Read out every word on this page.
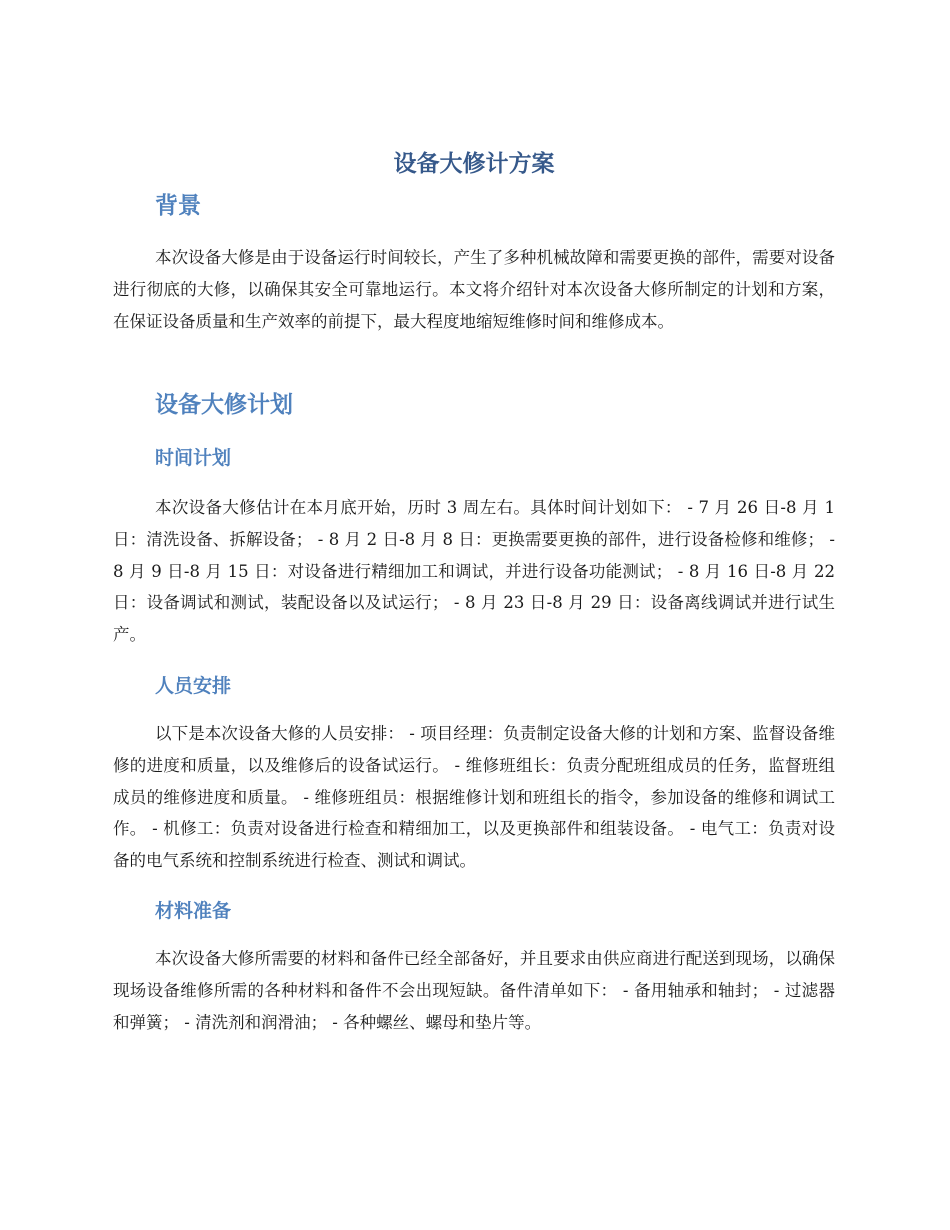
设备大修计方案
背景

本次设备大修是由于设备运行时间较长，产生了多种机械故障和需要更换的部件，需要对设备进行彻底的大修，以确保其安全可靠地运行。本文将介绍针对本次设备大修所制定的计划和方案，在保证设备质量和生产效率的前提下，最大程度地缩短维修时间和维修成本。

设备大修计划
时间计划

本次设备大修估计在本月底开始，历时 3 周左右。具体时间计划如下： - 7 月 26 日-8 月 1 日：清洗设备、拆解设备； - 8 月 2 日-8 月 8 日：更换需要更换的部件，进行设备检修和维修； - 8 月 9 日-8 月 15 日：对设备进行精细加工和调试，并进行设备功能测试； - 8 月 16 日-8 月 22 日：设备调试和测试，装配设备以及试运行； - 8 月 23 日-8 月 29 日：设备离线调试并进行试生产。

人员安排

以下是本次设备大修的人员安排： - 项目经理：负责制定设备大修的计划和方案、监督设备维修的进度和质量，以及维修后的设备试运行。 - 维修班组长：负责分配班组成员的任务，监督班组成员的维修进度和质量。 - 维修班组员：根据维修计划和班组长的指令，参加设备的维修和调试工作。 - 机修工：负责对设备进行检查和精细加工，以及更换部件和组装设备。 - 电气工：负责对设备的电气系统和控制系统进行检查、测试和调试。

材料准备

本次设备大修所需要的材料和备件已经全部备好，并且要求由供应商进行配送到现场，以确保现场设备维修所需的各种材料和备件不会出现短缺。备件清单如下： - 备用轴承和轴封； - 过滤器和弹簧； - 清洗剂和润滑油； - 各种螺丝、螺母和垫片等。
